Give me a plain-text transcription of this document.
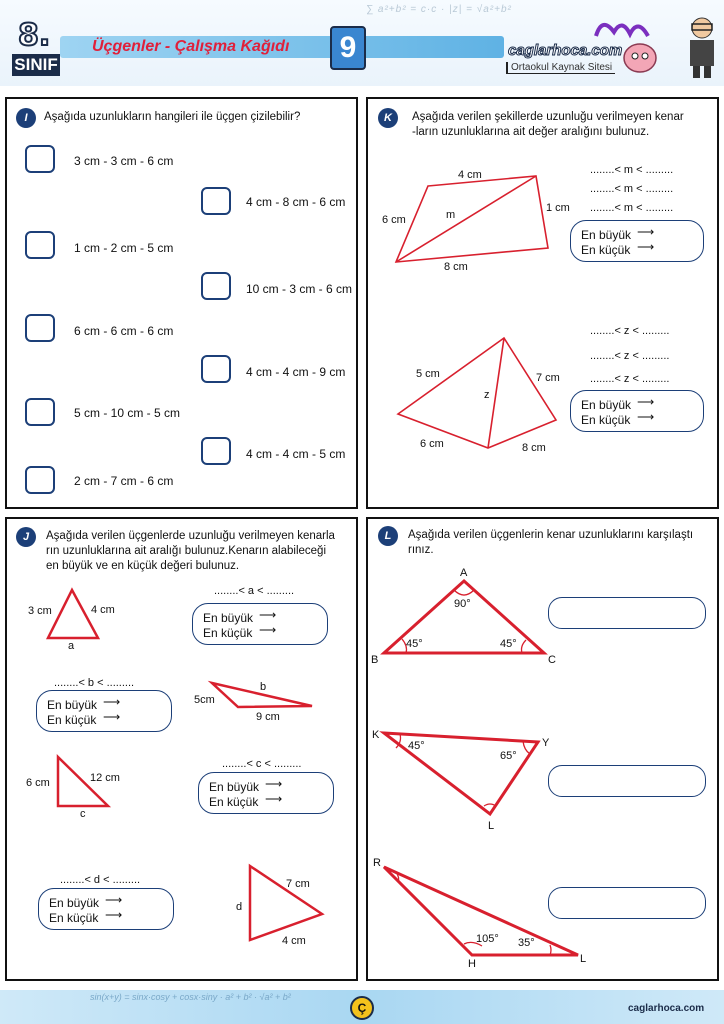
∑ a²+b² = c·c · |z| = √a²+b²
8.
SINIF
Üçgenler - Çalışma Kağıdı	9	caglarhoca.com
Ortaokul Kaynak Sitesi
I	Aşağıda uzunlukların hangileri ile üçgen çizilebilir?
3 cm - 3 cm - 6 cm
4 cm - 8 cm - 6 cm
1 cm - 2 cm - 5 cm
10 cm - 3 cm - 6 cm
6 cm - 6 cm - 6 cm
4 cm - 4 cm - 9 cm
5 cm - 10 cm - 5 cm
4 cm - 4 cm - 5 cm
2 cm - 7 cm - 6 cm
K	Aşağıda verilen şekillerde uzunluğu verilmeyen kenar
-ların uzunluklarına ait değer aralığını bulunuz.
4 cm
6 cm
1 cm
8 cm
m
........< m < .........
........< m < .........
........< m < .........
En büyük ⟶
En küçük ⟶
5 cm	7 cm
6 cm	8 cm
z
........< z < .........
........< z < .........
........< z < .........
En büyük ⟶
En küçük ⟶
J	Aşağıda verilen üçgenlerde uzunluğu verilmeyen kenarla
rın uzunluklarına ait aralığı bulunuz.Kenarın alabileceği
en büyük ve en küçük değeri bulunuz.
3 cm	4 cm
a
........< a < .........
En büyük ⟶
En küçük ⟶
........< b < .........
En büyük ⟶
En küçük ⟶
5cm
b
9 cm
6 cm	12 cm
c
........< c < .........
En büyük ⟶
En küçük ⟶
........< d < .........
En büyük ⟶
En küçük ⟶
d
7 cm
4 cm
L	Aşağıda verilen üçgenlerin kenar uzunluklarını karşılaştı
rınız.
A
B	C
90°
45°	45°
K
Y
L
45°
65°
R
H	L
105° 35°
sin(x+y) = sinx·cosy + cosx·siny · a² + b² · √a² + b²
Ç	caglarhoca.com
